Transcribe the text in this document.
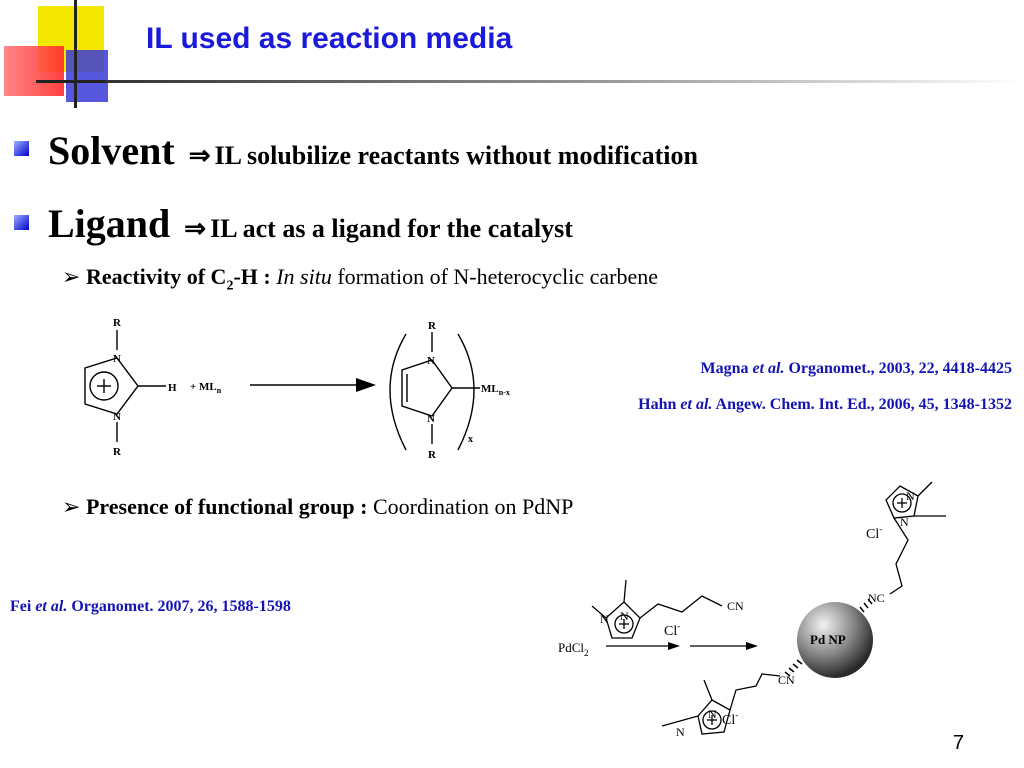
IL used as reaction media
Solvent ⇒ IL solubilize reactants without modification
Ligand ⇒ IL act as a ligand for the catalyst
➢ Reactivity of $C_2-H$ : In situ formation of N-heterocyclic carbene
R
N
N
R
$H + ML_n$
R
N
N
R
$ML_{n-x}$
x
Magna et al. Organomet., 2003, 22, 4418-4425
Hahn et al. Angew. Chem. Int. Ed., 2006, 45, 1348-1352
➢ Presence of functional group : Coordination on PdNP
Fei et al. Organomet. 2007, 26, 1588-1598
N
N
CN
Cl-
PdCl$_2$
N
N
Cl-
NC
CN
N
N
Cl-
Pd NP
7
